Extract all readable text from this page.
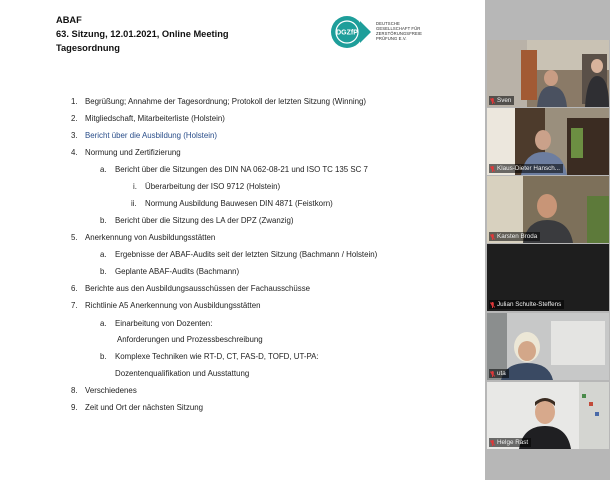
ABAF
63. Sitzung, 12.01.2021, Online Meeting
Tagesordnung
DGZfP
DEUTSCHE
GESELLSCHAFT FÜR
ZERSTÖRUNGSFREIE
PRÜFUNG E.V.
1. Begrüßung; Annahme der Tagesordnung; Protokoll der letzten Sitzung (Winning)
2. Mitgliedschaft, Mitarbeiterliste (Holstein)
3. Bericht über die Ausbildung (Holstein)
4. Normung und Zertifizierung
a. Bericht über die Sitzungen des DIN NA 062-08-21 und ISO TC 135 SC 7
i. Überarbeitung der ISO 9712 (Holstein)
ii. Normung Ausbildung Bauwesen DIN 4871 (Feistkorn)
b. Bericht über die Sitzung des LA der DPZ (Zwanzig)
5. Anerkennung von Ausbildungsstätten
a. Ergebnisse der ABAF-Audits seit der letzten Sitzung (Bachmann / Holstein)
b. Geplante ABAF-Audits (Bachmann)
6. Berichte aus den Ausbildungsausschüssen der Fachausschüsse
7. Richtlinie A5 Anerkennung von Ausbildungsstätten
a. Einarbeitung von Dozenten:
Anforderungen und Prozessbeschreibung
b. Komplexe Techniken wie RT-D, CT, FAS-D, TOFD, UT-PA:
Dozentenqualifikation und Ausstattung
8. Verschiedenes
9. Zeit und Ort der nächsten Sitzung
Sven
Klaus-Dieter Hansch...
Karsten Broda
Julian Schulte-Steffens
uta
Helge Rast
